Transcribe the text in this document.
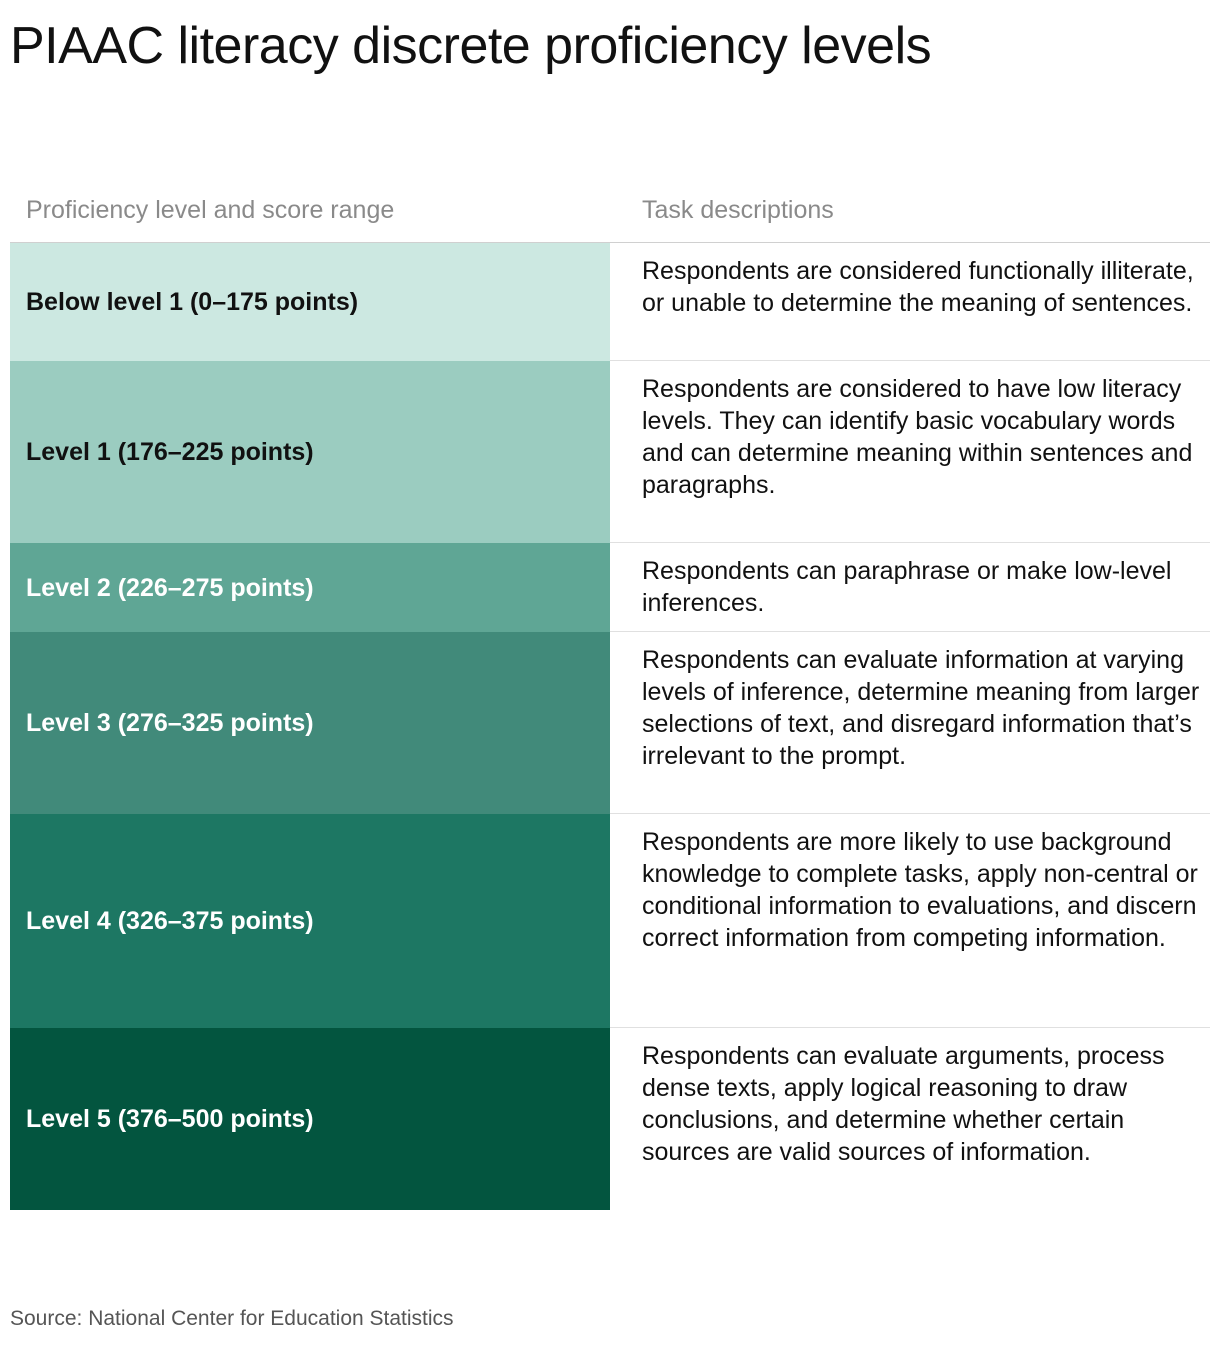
PIAAC literacy discrete proficiency levels
Proficiency level and score range	Task descriptions
Below level 1 (0–175 points)
Respondents are considered functionally illiterate, or unable to determine the meaning of sentences.
Level 1 (176–225 points)
Respondents are considered to have low literacy levels. They can identify basic vocabulary words and can determine meaning within sentences and paragraphs.
Level 2 (226–275 points)
Respondents can paraphrase or make low-level inferences.
Level 3 (276–325 points)
Respondents can evaluate information at varying levels of inference, determine meaning from larger selections of text, and disregard information that’s irrelevant to the prompt.
Level 4 (326–375 points)
Respondents are more likely to use background knowledge to complete tasks, apply non-central or conditional information to evaluations, and discern correct information from competing information.
Level 5 (376–500 points)
Respondents can evaluate arguments, process dense texts, apply logical reasoning to draw conclusions, and determine whether certain sources are valid sources of information.
Source: National Center for Education Statistics
